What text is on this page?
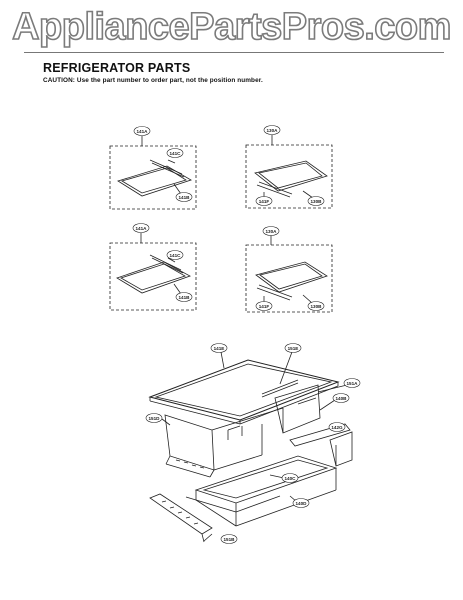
AppliancePartsPros.com
REFRIGERATOR PARTS
CAUTION: Use the part number to order part, not the position number.
141A
141C
141B
130A
141F	130B
141A
141C
141B
130A
141F	130B
141E	151E
151A
140B
151D
142G
140C
140D
151B
